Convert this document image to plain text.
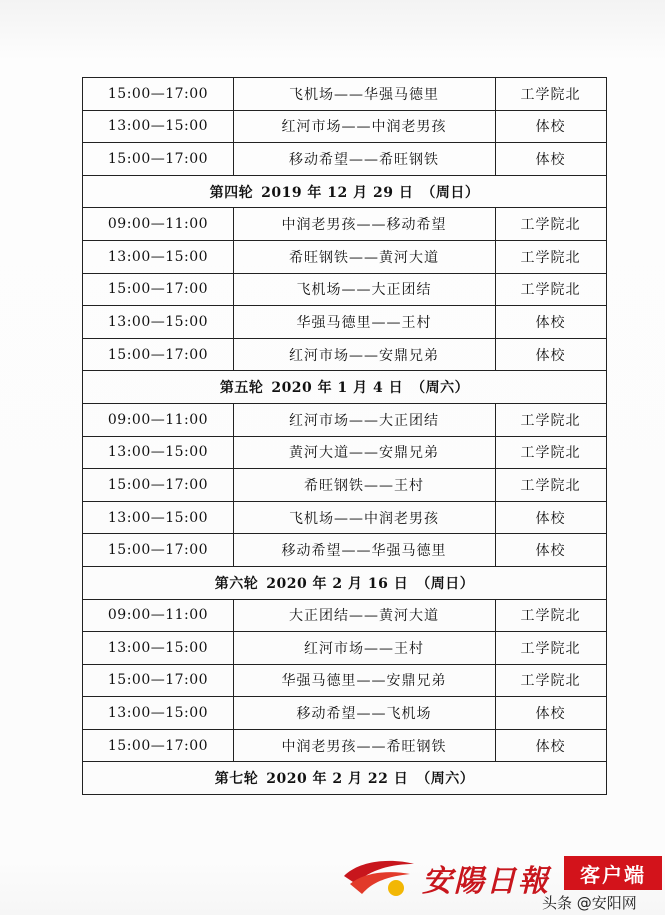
15:00—17:00	飞机场——华强马德里	工学院北
13:00—15:00	红河市场——中润老男孩	体校
15:00—17:00	移动希望——希旺钢铁	体校
第四轮 2019 年 12 月 29 日 （周日）
09:00—11:00	中润老男孩——移动希望	工学院北
13:00—15:00	希旺钢铁——黄河大道	工学院北
15:00—17:00	飞机场——大正团结	工学院北
13:00—15:00	华强马德里——王村	体校
15:00—17:00	红河市场——安鼎兄弟	体校
第五轮 2020 年 1 月 4 日 （周六）
09:00—11:00	红河市场——大正团结	工学院北
13:00—15:00	黄河大道——安鼎兄弟	工学院北
15:00—17:00	希旺钢铁——王村	工学院北
13:00—15:00	飞机场——中润老男孩	体校
15:00—17:00	移动希望——华强马德里	体校
第六轮 2020 年 2 月 16 日 （周日）
09:00—11:00	大正团结——黄河大道	工学院北
13:00—15:00	红河市场——王村	工学院北
15:00—17:00	华强马德里——安鼎兄弟	工学院北
13:00—15:00	移动希望——飞机场	体校
15:00—17:00	中润老男孩——希旺钢铁	体校
第七轮 2020 年 2 月 22 日 （周六）
安陽日報	客户端
头条 @安阳网
